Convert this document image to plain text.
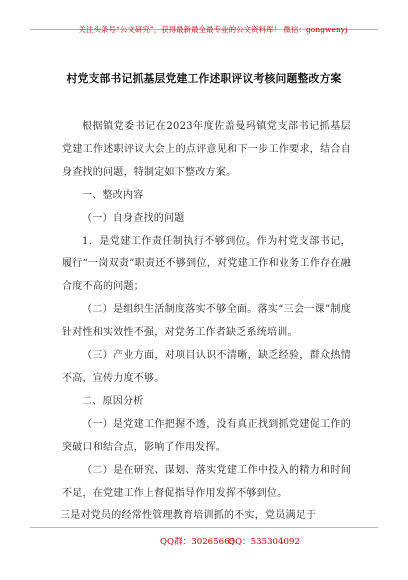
关注头条号“公文研究”，获得最新最全最专业的公文资料库！ 微信：gongwenyj
村党支部书记抓基层党建工作述职评议考核问题整改方案

根据镇党委书记在2023年度佐盖曼玛镇党支部书记抓基层党建工作述职评议大会上的点评意见和下一步工作要求，结合自身查找的问题，特制定如下整改方案。

一、整改内容

（一）自身查找的问题

1．是党建工作责任制执行不够到位。作为村党支部书记，履行“一岗双责”职责还不够到位，对党建工作和业务工作存在融合度不高的问题；

（二）是组织生活制度落实不够全面。落实“三会一课”制度针对性和实效性不强，对党务工作者缺乏系统培训。

（三）产业方面，对项目认识不清晰，缺乏经验，群众热情不高，宣传力度不够。

二、原因分析

（一）是党建工作把握不透，没有真正找到抓党建促工作的突破口和结合点，影响了作用发挥。

（二）是在研究、谋划、落实党建工作中投入的精力和时间不足，在党建工作上督促指导作用发挥不够到位。

三是对党员的经常性管理教育培训抓的不实，党员满足于

QQ群：30265665
QQ：535304092
